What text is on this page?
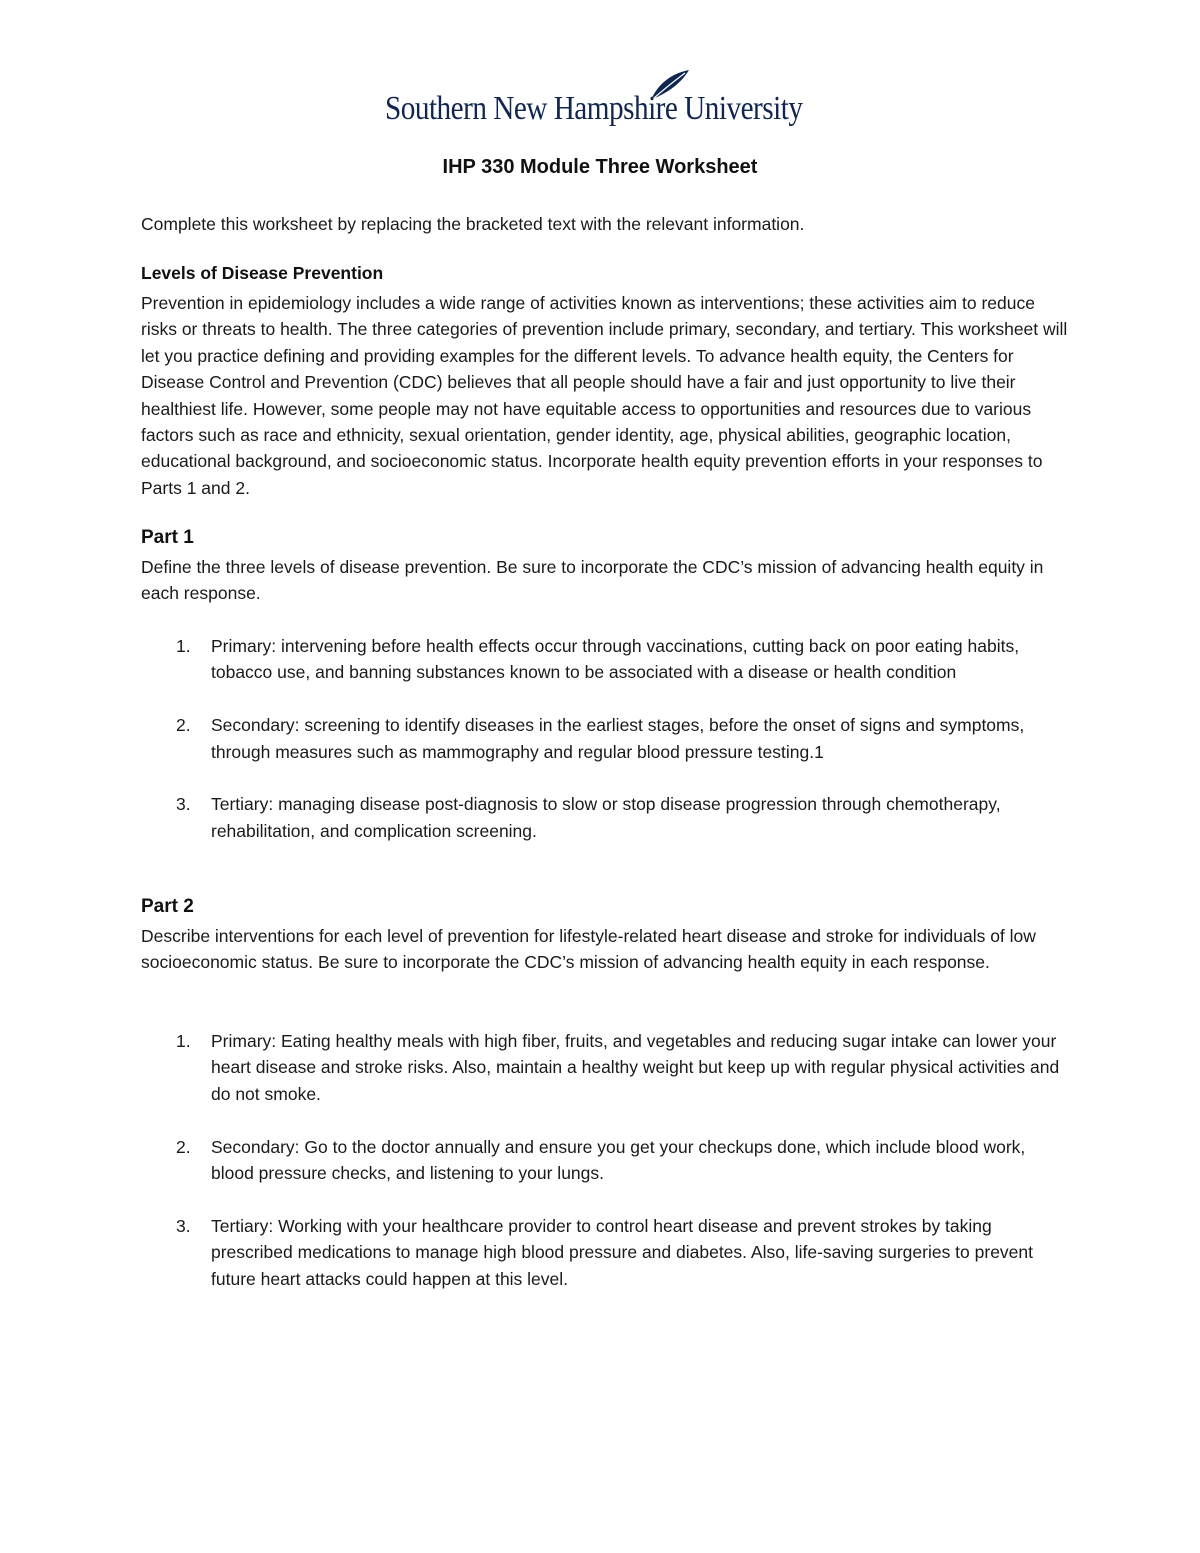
Southern New Hampshire University
IHP 330 Module Three Worksheet
Complete this worksheet by replacing the bracketed text with the relevant information.
Levels of Disease Prevention
Prevention in epidemiology includes a wide range of activities known as interventions; these activities aim to reduce risks or threats to health. The three categories of prevention include primary, secondary, and tertiary. This worksheet will let you practice defining and providing examples for the different levels. To advance health equity, the Centers for Disease Control and Prevention (CDC) believes that all people should have a fair and just opportunity to live their healthiest life. However, some people may not have equitable access to opportunities and resources due to various factors such as race and ethnicity, sexual orientation, gender identity, age, physical abilities, geographic location, educational background, and socioeconomic status. Incorporate health equity prevention efforts in your responses to Parts 1 and 2.
Part 1
Define the three levels of disease prevention. Be sure to incorporate the CDC’s mission of advancing health equity in each response.
1. Primary: intervening before health effects occur through vaccinations, cutting back on poor eating habits, tobacco use, and banning substances known to be associated with a disease or health condition
2. Secondary: screening to identify diseases in the earliest stages, before the onset of signs and symptoms, through measures such as mammography and regular blood pressure testing.1
3. Tertiary: managing disease post-diagnosis to slow or stop disease progression through chemotherapy, rehabilitation, and complication screening.
Part 2
Describe interventions for each level of prevention for lifestyle-related heart disease and stroke for individuals of low socioeconomic status. Be sure to incorporate the CDC’s mission of advancing health equity in each response.
1. Primary: Eating healthy meals with high fiber, fruits, and vegetables and reducing sugar intake can lower your heart disease and stroke risks. Also, maintain a healthy weight but keep up with regular physical activities and do not smoke.
2. Secondary: Go to the doctor annually and ensure you get your checkups done, which include blood work, blood pressure checks, and listening to your lungs.
3. Tertiary: Working with your healthcare provider to control heart disease and prevent strokes by taking prescribed medications to manage high blood pressure and diabetes. Also, life-saving surgeries to prevent future heart attacks could happen at this level.
